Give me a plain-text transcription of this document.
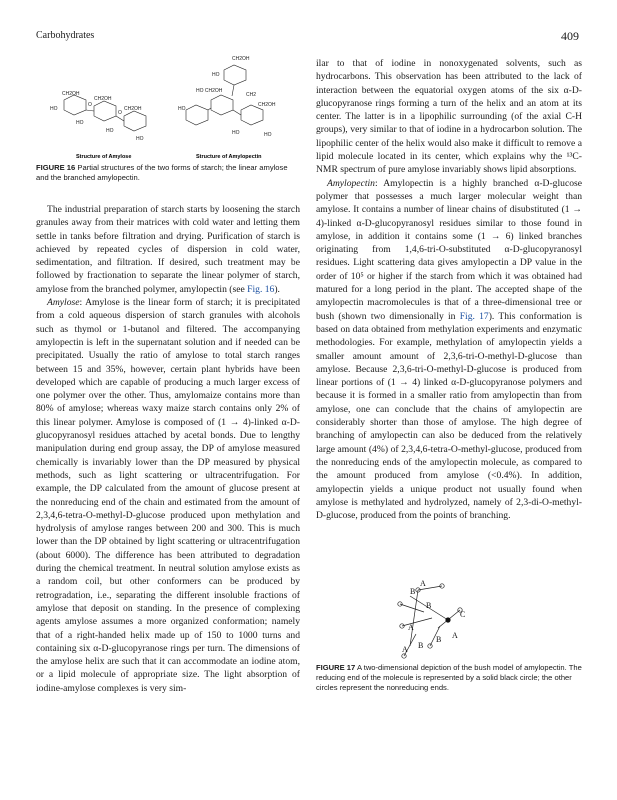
Carbohydrates	409
CH2OH
HO
CH2OH
CH2OH
HO
HO
HO
O
O
CH2OH
HO
HO CH2OH
CH2
CH2OH
HO
HO	HO
Structure of Amylose	Structure of Amylopectin
FIGURE 16 Partial structures of the two forms of starch; the linear amylose and the branched amylopectin.

The industrial preparation of starch starts by loosening the starch granules away from their matrices with cold water and letting them settle in tanks before filtration and drying. Purification of starch is achieved by repeated cycles of dispersion in cold water, sedimentation, and filtration. If desired, such treatment may be followed by fractionation to separate the linear polymer of starch, amylose from the branched polymer, amylopectin (see Fig. 16).

Amylose: Amylose is the linear form of starch; it is precipitated from a cold aqueous dispersion of starch granules with alcohols such as thymol or 1-butanol and filtered. The accompanying amylopectin is left in the supernatant solution and if needed can be precipitated. Usually the ratio of amylose to total starch ranges between 15 and 35%, however, certain plant hybrids have been developed which are capable of producing a much larger excess of one polymer over the other. Thus, amylomaize contains more than 80% of amylose; whereas waxy maize starch contains only 2% of this linear polymer. Amylose is composed of (1 → 4)-linked α-D-glucopyranosyl residues attached by acetal bonds. Due to lengthy manipulation during end group assay, the DP of amylose measured chemically is invariably lower than the DP measured by physical methods, such as light scattering or ultracentrifugation. For example, the DP calculated from the amount of glucose present at the nonreducing end of the chain and estimated from the amount of 2,3,4,6-tetra-O-methyl-D-glucose produced upon methylation and hydrolysis of amylose ranges between 200 and 300. This is much lower than the DP obtained by light scattering or ultracentrifugation (about 6000). The difference has been attributed to degradation during the chemical treatment. In neutral solution amylose exists as a random coil, but other conformers can be produced by retrogradation, i.e., separating the different insoluble fractions of amylose that deposit on standing. In the presence of complexing agents amylose assumes a more organized conformation; namely that of a right-handed helix made up of 150 to 1000 turns and containing six α-D-glucopyranose rings per turn. The dimensions of the amylose helix are such that it can accommodate an iodine atom, or a lipid molecule of appropriate size. The light absorption of iodine-amylose complexes is very sim-

ilar to that of iodine in nonoxygenated solvents, such as hydrocarbons. This observation has been attributed to the lack of interaction between the equatorial oxygen atoms of the six α-D-glucopyranose rings forming a turn of the helix and an atom at its center. The latter is in a lipophilic surrounding (of the axial C-H groups), very similar to that of iodine in a hydrocarbon solution. The lipophilic center of the helix would also make it difficult to remove a lipid molecule located in its center, which explains why the ¹³C-NMR spectrum of pure amylose invariably shows lipid absorptions.

Amylopectin: Amylopectin is a highly branched α-D-glucose polymer that possesses a much larger molecular weight than amylose. It contains a number of linear chains of disubstituted (1 → 4)-linked α-D-glucopyranosyl residues similar to those found in amylose, in addition it contains some (1 → 6) linked branches originating from 1,4,6-tri-O-substituted α-D-glucopyranosyl residues. Light scattering data gives amylopectin a DP value in the order of 10⁵ or higher if the starch from which it was obtained had matured for a long period in the plant. The accepted shape of the amylopectin macromolecules is that of a three-dimensional tree or bush (shown two dimensionally in Fig. 17). This conformation is based on data obtained from methylation experiments and enzymatic methodologies. For example, methylation of amylopectin yields a smaller amount amount of 2,3,6-tri-O-methyl-D-glucose than amylose. Because 2,3,6-tri-O-methyl-D-glucose is produced from linear portions of (1 → 4) linked α-D-glucopyranose polymers and because it is formed in a smaller ratio from amylopectin than from amylose, one can conclude that the chains of amylopectin are considerably shorter than those of amylose. The high degree of branching of amylopectin can also be deduced from the relatively large amount (4%) of 2,3,4,6-tetra-O-methyl-glucose, produced from the nonreducing ends of the amylopectin molecule, as compared to the amount produced from amylose (<0.4%). In addition, amylopectin yields a unique product not usually found when amylose is methylated and hydrolyzed, namely of 2,3-di-O-methyl-D-glucose, produced from the points of branching.

A
B
B
C
A
B A
A B
FIGURE 17 A two-dimensional depiction of the bush model of amylopectin. The reducing end of the molecule is represented by a solid black circle; the other circles represent the nonreducing ends.
